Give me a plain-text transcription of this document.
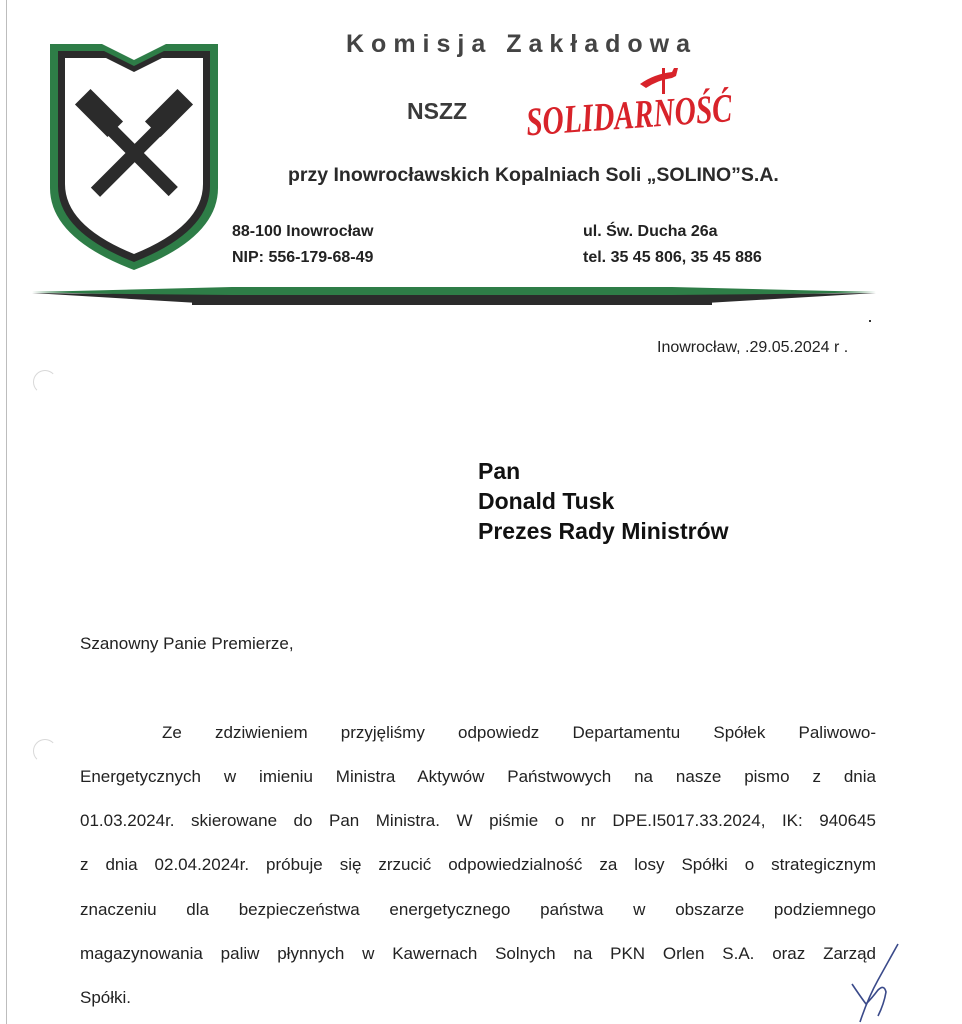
Komisja Zakładowa
NSZZ SOLIDARNOŚĆ
przy Inowrocławskich Kopalniach Soli „SOLINO”S.A.
88-100 Inowrocław
NIP: 556-179-68-49
ul. Św. Ducha 26a
tel. 35 45 806, 35 45 886
Inowrocław, .29.05.2024 r .
Pan
Donald Tusk
Prezes Rady Ministrów
Szanowny Panie Premierze,
Ze zdziwieniem przyjęliśmy odpowiedz Departamentu Spółek Paliwowo-
Energetycznych w imieniu Ministra Aktywów Państwowych na nasze pismo z dnia
01.03.2024r. skierowane do Pan Ministra. W piśmie o nr DPE.I5017.33.2024, IK: 940645
z dnia 02.04.2024r. próbuje się zrzucić odpowiedzialność za losy Spółki o strategicznym
znaczeniu dla bezpieczeństwa energetycznego państwa w obszarze podziemnego
magazynowania paliw płynnych w Kawernach Solnych na PKN Orlen S.A. oraz Zarząd
Spółki.
